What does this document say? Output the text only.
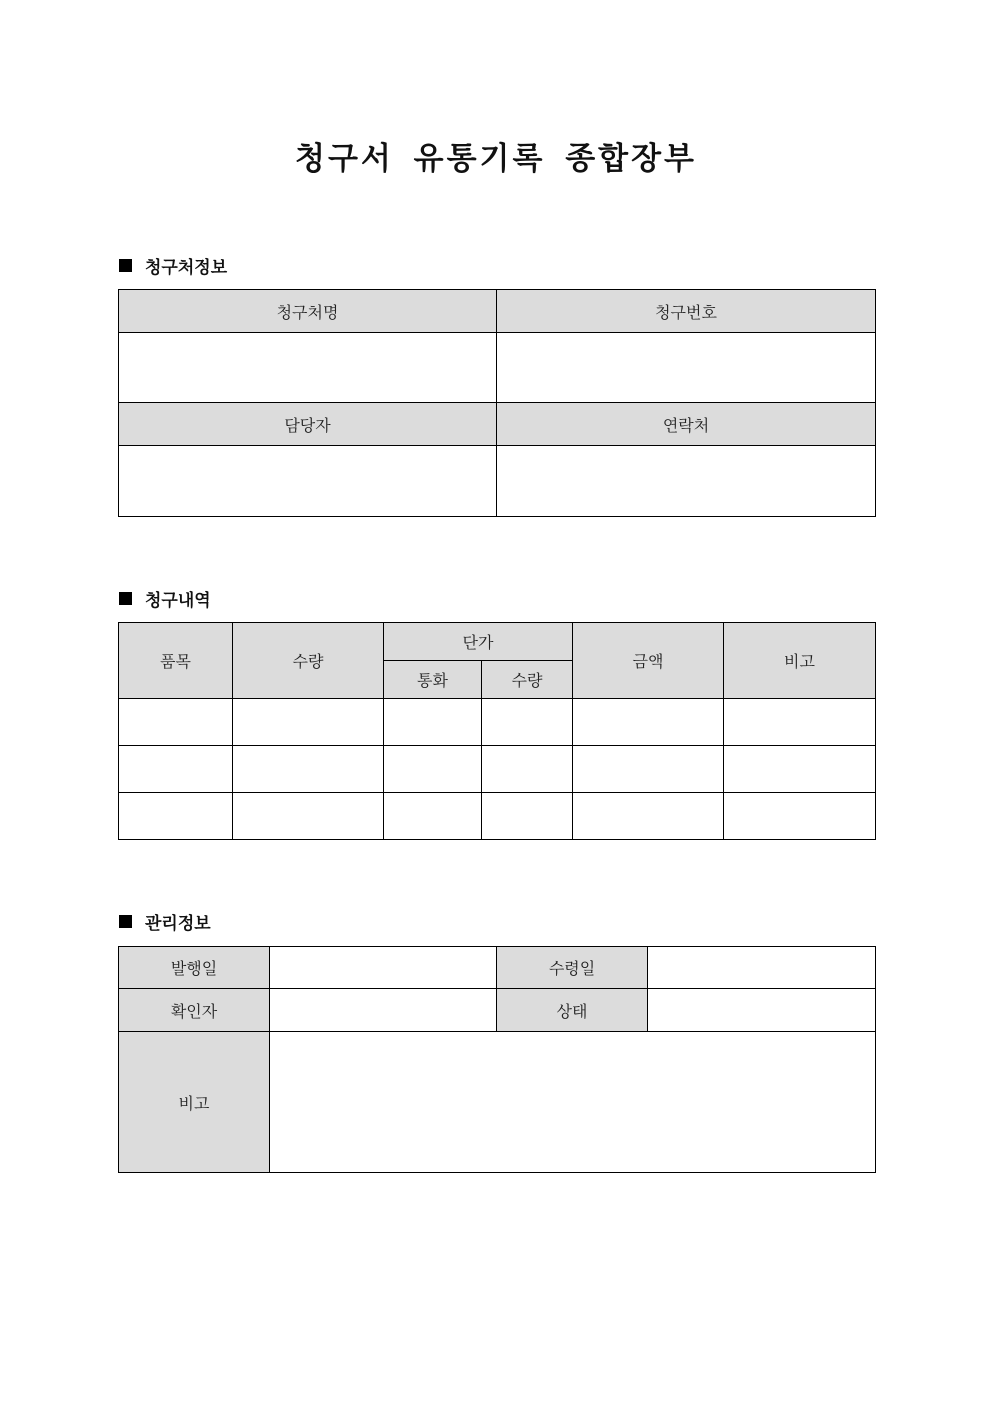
청구서 유통기록 종합장부
청구처정보
청구처명	청구번호

담당자	연락처

청구내역
품목	수량	단가		금액	비고
		통화	수량		

관리정보
발행일		수령일	
확인자		상태	
비고			
